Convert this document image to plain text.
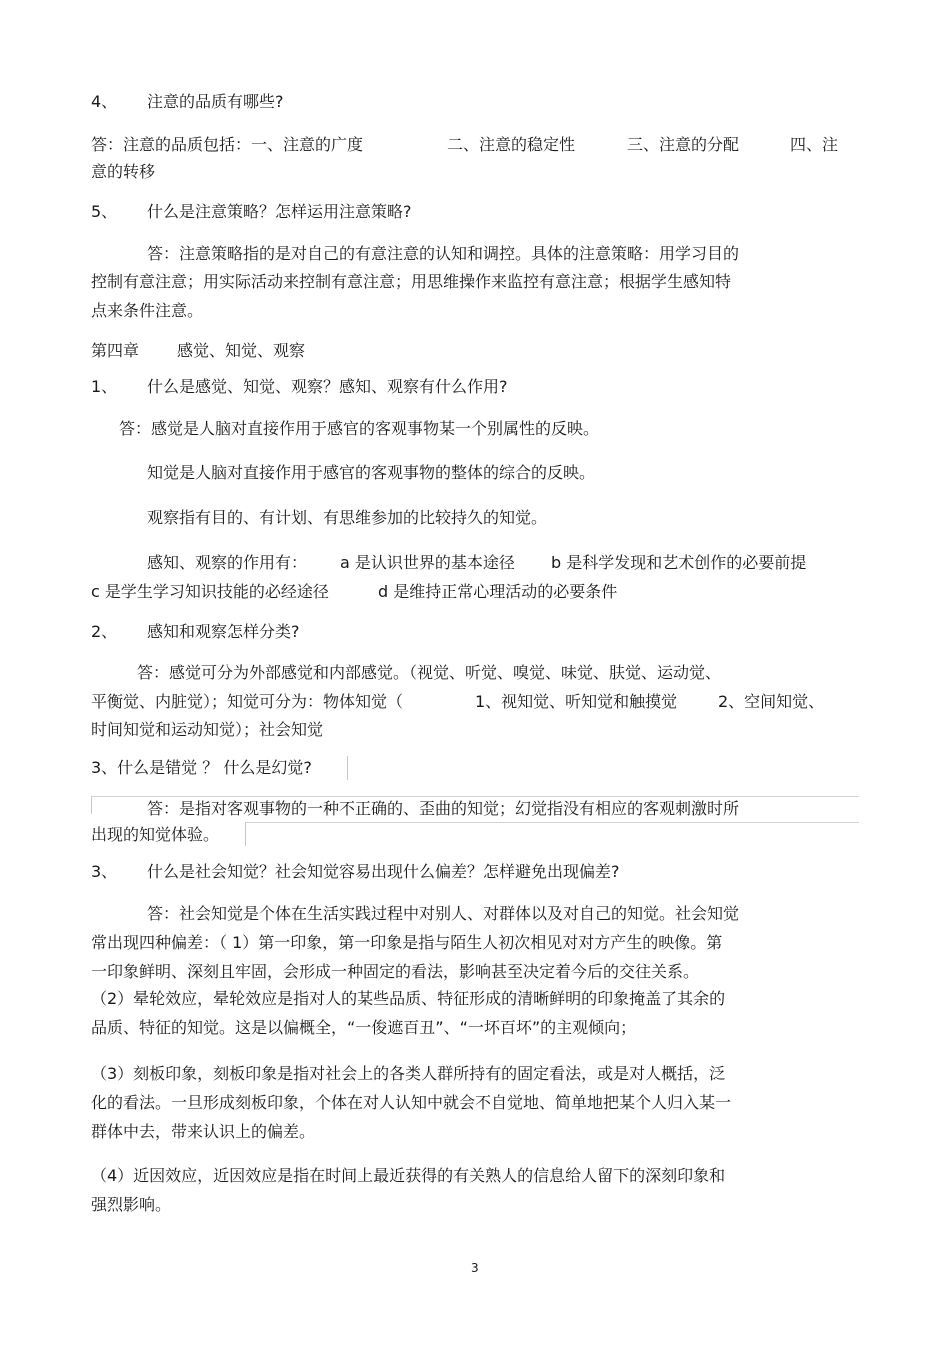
4、 注意的品质有哪些?
答：注意的品质包括：一、注意的广度	二、注意的稳定性	三、注意的分配	四、注
意的转移
5、 什么是注意策略？怎样运用注意策略?
答：注意策略指的是对自己的有意注意的认知和调控。具体的注意策略：用学习目的
控制有意注意；用实际活动来控制有意注意；用思维操作来监控有意注意；根据学生感知特
点来条件注意。
第四章 感觉、知觉、观察
1、 什么是感觉、知觉、观察？感知、观察有什么作用?
答：感觉是人脑对直接作用于感官的客观事物某一个别属性的反映。
知觉是人脑对直接作用于感官的客观事物的整体的综合的反映。
观察指有目的、有计划、有思维参加的比较持久的知觉。
感知、观察的作用有： a 是认识世界的基本途径 b 是科学发现和艺术创作的必要前提
c 是学生学习知识技能的必经途径	d 是维持正常心理活动的必要条件
2、 感知和观察怎样分类?
答：感觉可分为外部感觉和内部感觉。（视觉、听觉、嗅觉、味觉、肤觉、运动觉、
平衡觉、内脏觉）；知觉可分为：物体知觉（	1、视知觉、听知觉和触摸觉	2、空间知觉、
时间知觉和运动知觉）；社会知觉
3、什么是错觉 ？ 什么是幻觉?
答：是指对客观事物的一种不正确的、歪曲的知觉；幻觉指没有相应的客观刺激时所
出现的知觉体验。
3、 什么是社会知觉？社会知觉容易出现什么偏差？怎样避免出现偏差?
答：社会知觉是个体在生活实践过程中对别人、对群体以及对自己的知觉。社会知觉
常出现四种偏差：（ 1）第一印象，第一印象是指与陌生人初次相见对对方产生的映像。第
一印象鲜明、深刻且牢固，会形成一种固定的看法，影响甚至决定着今后的交往关系。
（2）晕轮效应，晕轮效应是指对人的某些品质、特征形成的清晰鲜明的印象掩盖了其余的
品质、特征的知觉。这是以偏概全，“一俊遮百丑”、“一坏百坏”的主观倾向；
（3）刻板印象，刻板印象是指对社会上的各类人群所持有的固定看法，或是对人概括，泛
化的看法。一旦形成刻板印象，个体在对人认知中就会不自觉地、简单地把某个人归入某一
群体中去，带来认识上的偏差。
（4）近因效应，近因效应是指在时间上最近获得的有关熟人的信息给人留下的深刻印象和
强烈影响。
3
